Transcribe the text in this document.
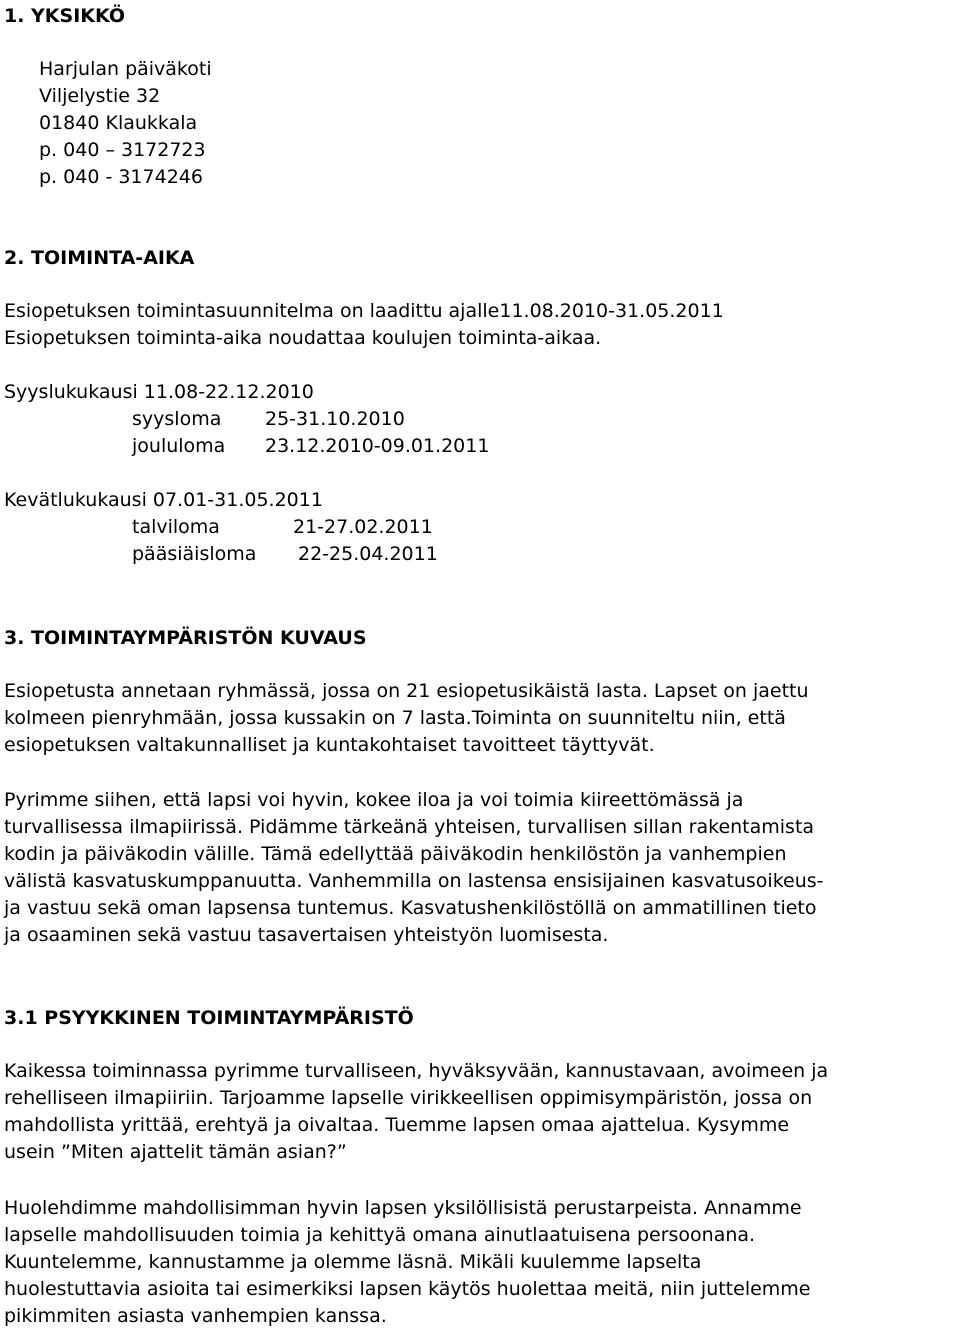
1. YKSIKKÖ
Harjulan päiväkoti
Viljelystie 32
01840 Klaukkala
p. 040 – 3172723
p. 040 - 3174246
2. TOIMINTA-AIKA
Esiopetuksen toimintasuunnitelma on laadittu ajalle11.08.2010-31.05.2011
Esiopetuksen toiminta-aika noudattaa koulujen toiminta-aikaa.
Syyslukukausi 11.08-22.12.2010
syysloma 25-31.10.2010
joululoma 23.12.2010-09.01.2011
Kevätlukukausi 07.01-31.05.2011
talviloma	21-27.02.2011
pääsiäisloma 22-25.04.2011
3. TOIMINTAYMPÄRISTÖN KUVAUS
Esiopetusta annetaan ryhmässä, jossa on 21 esiopetusikäistä lasta. Lapset on jaettu
kolmeen pienryhmään, jossa kussakin on 7 lasta.Toiminta on suunniteltu niin, että
esiopetuksen valtakunnalliset ja kuntakohtaiset tavoitteet täyttyvät.
Pyrimme siihen, että lapsi voi hyvin, kokee iloa ja voi toimia kiireettömässä ja
turvallisessa ilmapiirissä. Pidämme tärkeänä yhteisen, turvallisen sillan rakentamista
kodin ja päiväkodin välille. Tämä edellyttää päiväkodin henkilöstön ja vanhempien
välistä kasvatuskumppanuutta. Vanhemmilla on lastensa ensisijainen kasvatusoikeus-
ja vastuu sekä oman lapsensa tuntemus. Kasvatushenkilöstöllä on ammatillinen tieto
ja osaaminen sekä vastuu tasavertaisen yhteistyön luomisesta.
3.1 PSYYKKINEN TOIMINTAYMPÄRISTÖ
Kaikessa toiminnassa pyrimme turvalliseen, hyväksyvään, kannustavaan, avoimeen ja
rehelliseen ilmapiiriin. Tarjoamme lapselle virikkeellisen oppimisympäristön, jossa on
mahdollista yrittää, erehtyä ja oivaltaa. Tuemme lapsen omaa ajattelua. Kysymme
usein ”Miten ajattelit tämän asian?”
Huolehdimme mahdollisimman hyvin lapsen yksilöllisistä perustarpeista. Annamme
lapselle mahdollisuuden toimia ja kehittyä omana ainutlaatuisena persoonana.
Kuuntelemme, kannustamme ja olemme läsnä. Mikäli kuulemme lapselta
huolestuttavia asioita tai esimerkiksi lapsen käytös huolettaa meitä, niin juttelemme
pikimmiten asiasta vanhempien kanssa.
